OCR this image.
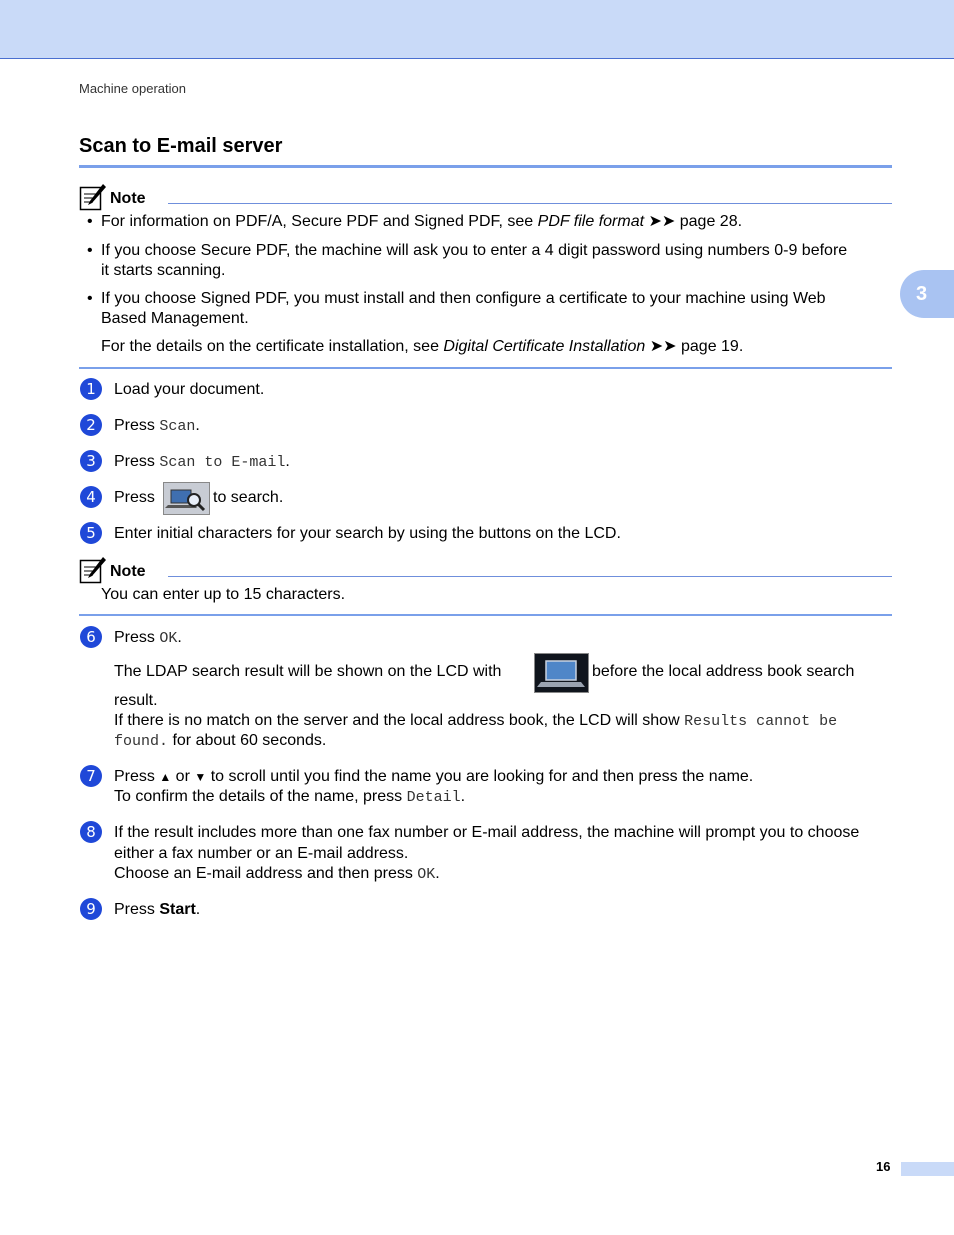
Machine operation
Scan to E-mail server
3
Note
• For information on PDF/A, Secure PDF and Signed PDF, see PDF file format ➤➤ page 28.
• If you choose Secure PDF, the machine will ask you to enter a 4 digit password using numbers 0-9 before
it starts scanning.
• If you choose Signed PDF, you must install and then configure a certificate to your machine using Web
Based Management.
For the details on the certificate installation, see Digital Certificate Installation ➤➤ page 19.
1	Load your document.
2	Press Scan.
3	Press Scan to E-mail.
4	Press	to search.
5	Enter initial characters for your search by using the buttons on the LCD.
Note
You can enter up to 15 characters.
6	Press OK.
The LDAP search result will be shown on the LCD with	before the local address book search
result.
If there is no match on the server and the local address book, the LCD will show Results cannot be
found. for about 60 seconds.
7	Press ▲ or ▼ to scroll until you find the name you are looking for and then press the name.
To confirm the details of the name, press Detail.
8	If the result includes more than one fax number or E-mail address, the machine will prompt you to choose
either a fax number or an E-mail address.
Choose an E-mail address and then press OK.
9	Press Start.
16
